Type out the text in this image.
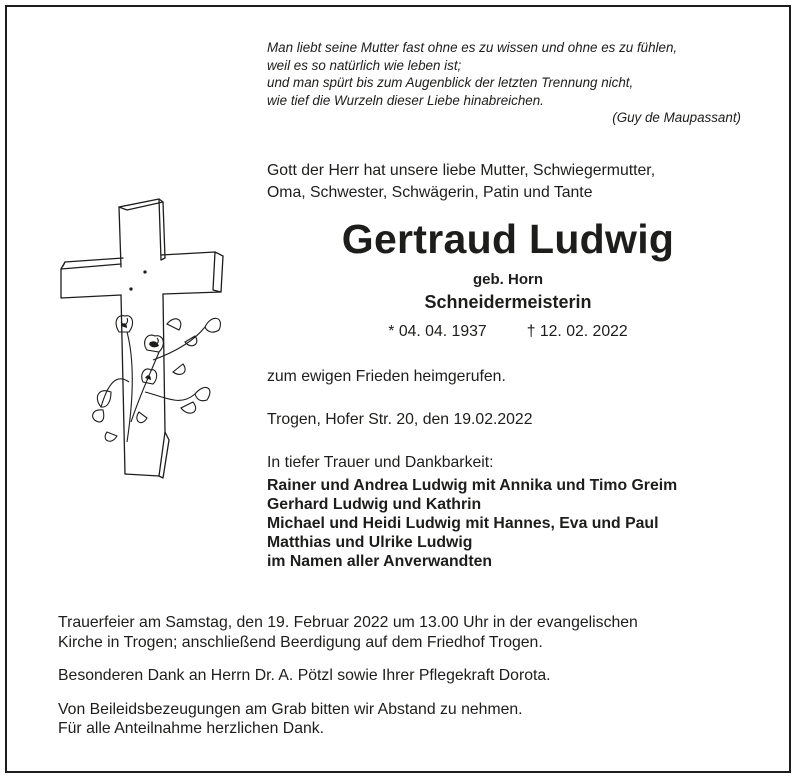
Man liebt seine Mutter fast ohne es zu wissen und ohne es zu fühlen,
weil es so natürlich wie leben ist;
und man spürt bis zum Augenblick der letzten Trennung nicht,
wie tief die Wurzeln dieser Liebe hinabreichen.
(Guy de Maupassant)
Gott der Herr hat unsere liebe Mutter, Schwiegermutter,
Oma, Schwester, Schwägerin, Patin und Tante
Gertraud Ludwig
geb. Horn
Schneidermeisterin
* 04. 04. 1937	† 12. 02. 2022
zum ewigen Frieden heimgerufen.
Trogen, Hofer Str. 20, den 19.02.2022
In tiefer Trauer und Dankbarkeit:
Rainer und Andrea Ludwig mit Annika und Timo Greim
Gerhard Ludwig und Kathrin
Michael und Heidi Ludwig mit Hannes, Eva und Paul
Matthias und Ulrike Ludwig
im Namen aller Anverwandten
Trauerfeier am Samstag, den 19. Februar 2022 um 13.00 Uhr in der evangelischen
Kirche in Trogen; anschließend Beerdigung auf dem Friedhof Trogen.
Besonderen Dank an Herrn Dr. A. Pötzl sowie Ihrer Pflegekraft Dorota.
Von Beileidsbezeugungen am Grab bitten wir Abstand zu nehmen.
Für alle Anteilnahme herzlichen Dank.
